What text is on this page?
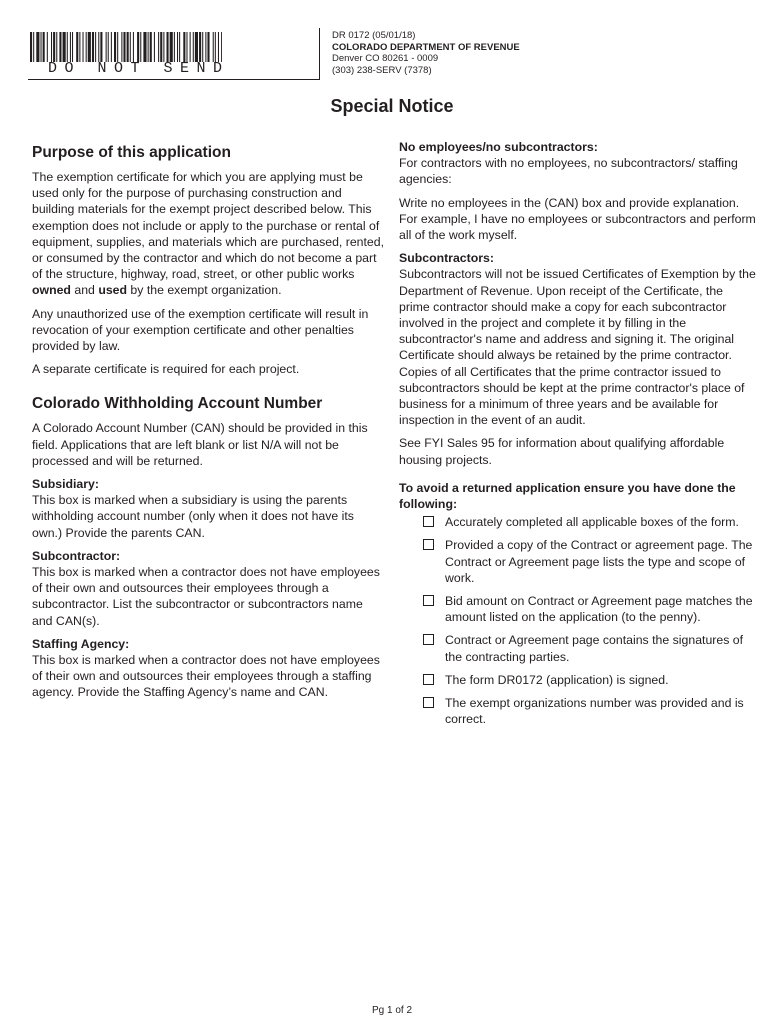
DO NOT SEND
DR 0172 (05/01/18)
COLORADO DEPARTMENT OF REVENUE
Denver CO 80261 - 0009
(303) 238-SERV (7378)
Special Notice
Purpose of this application

The exemption certificate for which you are applying must be used only for the purpose of purchasing construction and building materials for the exempt project described below. This exemption does not include or apply to the purchase or rental of equipment, supplies, and materials which are purchased, rented, or consumed by the contractor and which do not become a part of the structure, highway, road, street, or other public works owned and used by the exempt organization.

Any unauthorized use of the exemption certificate will result in revocation of your exemption certificate and other penalties provided by law.

A separate certificate is required for each project.

Colorado Withholding Account Number

A Colorado Account Number (CAN) should be provided in this field. Applications that are left blank or list N/A will not be processed and will be returned.

Subsidiary:

This box is marked when a subsidiary is using the parents withholding account number (only when it does not have its own.) Provide the parents CAN.

Subcontractor:

This box is marked when a contractor does not have employees of their own and outsources their employees through a subcontractor. List the subcontractor or subcontractors name and CAN(s).

Staffing Agency:

This box is marked when a contractor does not have employees of their own and outsources their employees through a staffing agency. Provide the Staffing Agency’s name and CAN.

No employees/no subcontractors:

For contractors with no employees, no subcontractors/ staffing agencies:

Write no employees in the (CAN) box and provide explanation. For example, I have no employees or subcontractors and perform all of the work myself.

Subcontractors:

Subcontractors will not be issued Certificates of Exemption by the Department of Revenue. Upon receipt of the Certificate, the prime contractor should make a copy for each subcontractor involved in the project and complete it by filling in the subcontractor's name and address and signing it. The original Certificate should always be retained by the prime contractor. Copies of all Certificates that the prime contractor issued to subcontractors should be kept at the prime contractor's place of business for a minimum of three years and be available for inspection in the event of an audit.

See FYI Sales 95 for information about qualifying affordable housing projects.

To avoid a returned application ensure you have done the following:
Accurately completed all applicable boxes of the form.
Provided a copy of the Contract or agreement page. The Contract or Agreement page lists the type and scope of work.
Bid amount on Contract or Agreement page matches the amount listed on the application (to the penny).
Contract or Agreement page contains the signatures of the contracting parties.
The form DR0172 (application) is signed.
The exempt organizations number was provided and is correct.
Pg 1 of 2
